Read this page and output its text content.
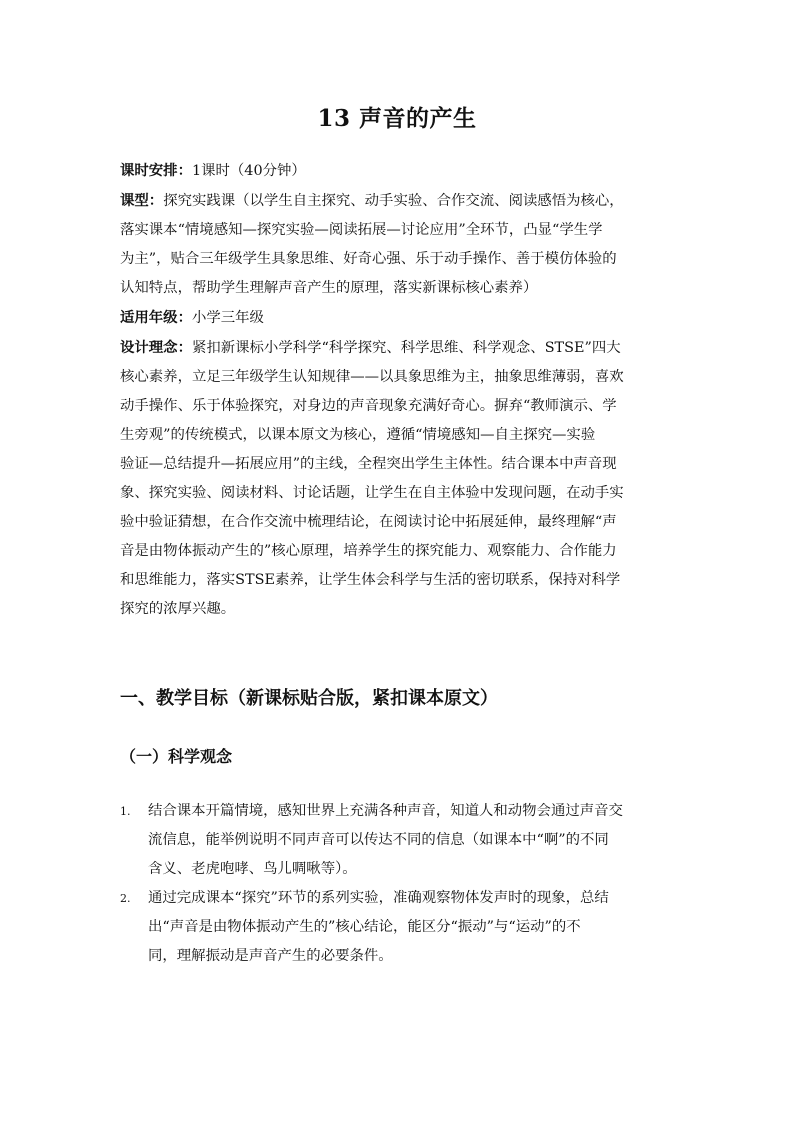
13 声音的产生

课时安排：1课时（40分钟）

课型：探究实践课（以学生自主探究、动手实验、合作交流、阅读感悟为核心，
落实课本“情境感知—探究实验—阅读拓展—讨论应用”全环节，凸显“学生学
为主”，贴合三年级学生具象思维、好奇心强、乐于动手操作、善于模仿体验的
认知特点，帮助学生理解声音产生的原理，落实新课标核心素养）

适用年级：小学三年级

设计理念：紧扣新课标小学科学“科学探究、科学思维、科学观念、STSE”四大
核心素养，立足三年级学生认知规律——以具象思维为主，抽象思维薄弱，喜欢
动手操作、乐于体验探究，对身边的声音现象充满好奇心。摒弃“教师演示、学
生旁观”的传统模式，以课本原文为核心，遵循“情境感知—自主探究—实验
验证—总结提升—拓展应用”的主线，全程突出学生主体性。结合课本中声音现
象、探究实验、阅读材料、讨论话题，让学生在自主体验中发现问题，在动手实
验中验证猜想，在合作交流中梳理结论，在阅读讨论中拓展延伸，最终理解“声
音是由物体振动产生的”核心原理，培养学生的探究能力、观察能力、合作能力
和思维能力，落实STSE素养，让学生体会科学与生活的密切联系，保持对科学
探究的浓厚兴趣。
一、教学目标（新课标贴合版，紧扣课本原文）
（一）科学观念
1. 结合课本开篇情境，感知世界上充满各种声音，知道人和动物会通过声音交
流信息，能举例说明不同声音可以传达不同的信息（如课本中“啊”的不同
含义、老虎咆哮、鸟儿啁啾等）。
2. 通过完成课本“探究”环节的系列实验，准确观察物体发声时的现象，总结
出“声音是由物体振动产生的”核心结论，能区分“振动”与“运动”的不
同，理解振动是声音产生的必要条件。
